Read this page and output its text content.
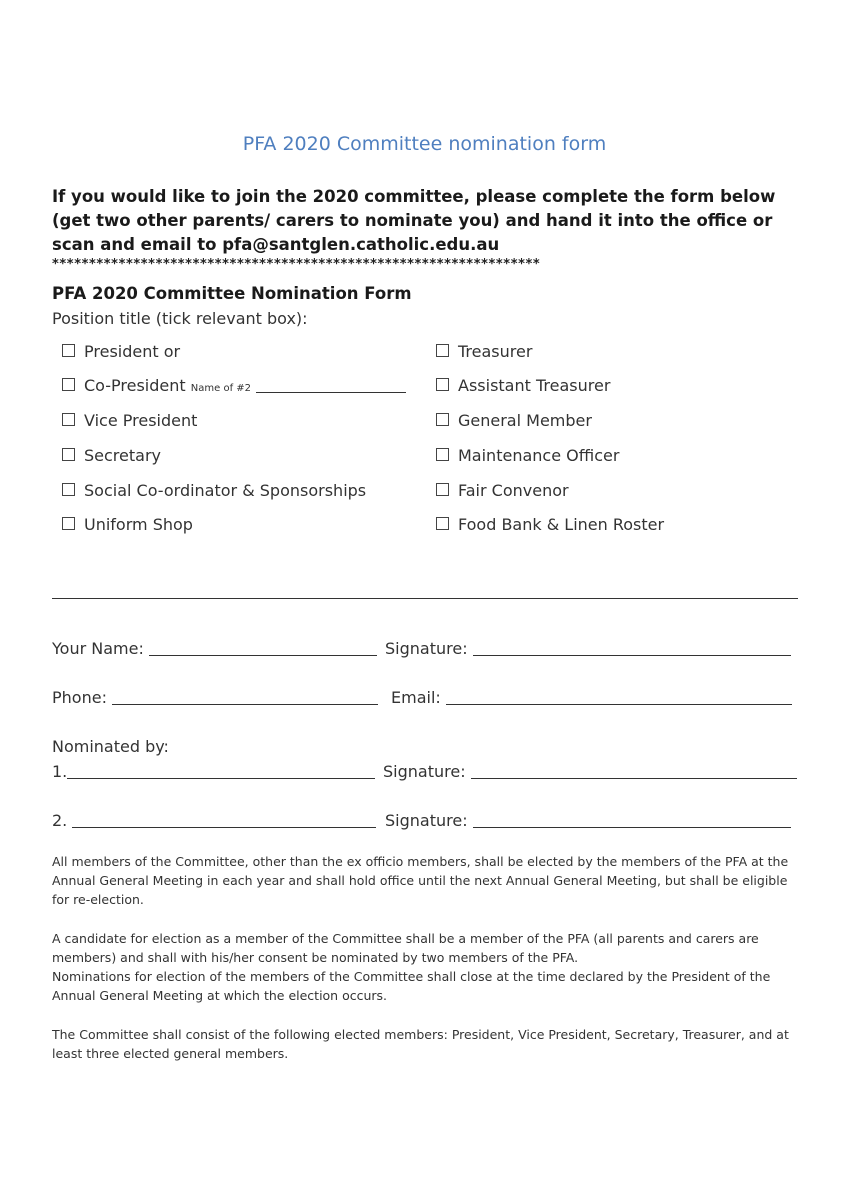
PFA 2020 Committee nomination form
If you would like to join the 2020 committee, please complete the form below (get two other parents/ carers to nominate you) and hand it into the office or scan and email to pfa@santglen.catholic.edu.au
******************************************************************
PFA 2020 Committee Nomination Form
Position title (tick relevant box):
President or
Co-President Name of #2
Vice President
Secretary
Social Co-ordinator & Sponsorships
Uniform Shop
Treasurer
Assistant Treasurer
General Member
Maintenance Officer
Fair Convenor
Food Bank & Linen Roster
Your Name:	Signature:
Phone:	Email:
Nominated by:
1.	Signature:
2.	Signature:
All members of the Committee, other than the ex officio members, shall be elected by the members of the PFA at the Annual General Meeting in each year and shall hold office until the next Annual General Meeting, but shall be eligible for re-election.
A candidate for election as a member of the Committee shall be a member of the PFA (all parents and carers are members) and shall with his/her consent be nominated by two members of the PFA.
Nominations for election of the members of the Committee shall close at the time declared by the President of the Annual General Meeting at which the election occurs.
The Committee shall consist of the following elected members: President, Vice President, Secretary, Treasurer, and at least three elected general members.
